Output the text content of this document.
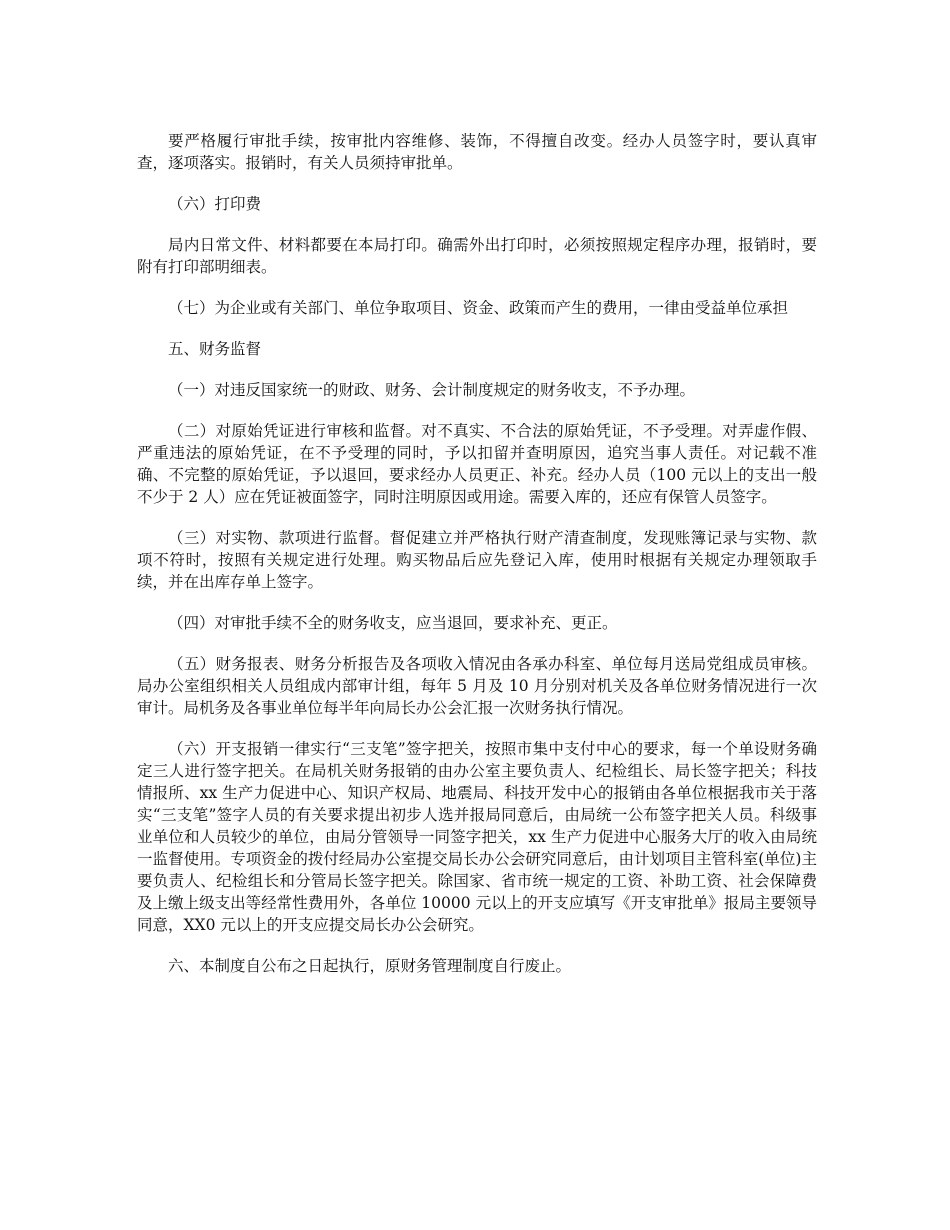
要严格履行审批手续，按审批内容维修、装饰，不得擅自改变。经办人员签字时，要认真审查，逐项落实。报销时，有关人员须持审批单。

（六）打印费

局内日常文件、材料都要在本局打印。确需外出打印时，必须按照规定程序办理，报销时，要附有打印部明细表。

（七）为企业或有关部门、单位争取项目、资金、政策而产生的费用，一律由受益单位承担

五、财务监督

（一）对违反国家统一的财政、财务、会计制度规定的财务收支，不予办理。

（二）对原始凭证进行审核和监督。对不真实、不合法的原始凭证，不予受理。对弄虚作假、严重违法的原始凭证，在不予受理的同时，予以扣留并查明原因，追究当事人责任。对记载不准确、不完整的原始凭证，予以退回，要求经办人员更正、补充。经办人员（100 元以上的支出一般不少于 2 人）应在凭证被面签字，同时注明原因或用途。需要入库的，还应有保管人员签字。

（三）对实物、款项进行监督。督促建立并严格执行财产清查制度，发现账簿记录与实物、款项不符时，按照有关规定进行处理。购买物品后应先登记入库，使用时根据有关规定办理领取手续，并在出库存单上签字。

（四）对审批手续不全的财务收支，应当退回，要求补充、更正。

（五）财务报表、财务分析报告及各项收入情况由各承办科室、单位每月送局党组成员审核。局办公室组织相关人员组成内部审计组，每年 5 月及 10 月分别对机关及各单位财务情况进行一次审计。局机务及各事业单位每半年向局长办公会汇报一次财务执行情况。

（六）开支报销一律实行“三支笔”签字把关，按照市集中支付中心的要求，每一个单设财务确定三人进行签字把关。在局机关财务报销的由办公室主要负责人、纪检组长、局长签字把关；科技情报所、xx 生产力促进中心、知识产权局、地震局、科技开发中心的报销由各单位根据我市关于落实“三支笔”签字人员的有关要求提出初步人选并报局同意后，由局统一公布签字把关人员。科级事业单位和人员较少的单位，由局分管领导一同签字把关，xx 生产力促进中心服务大厅的收入由局统一监督使用。专项资金的拨付经局办公室提交局长办公会研究同意后，由计划项目主管科室(单位)主要负责人、纪检组长和分管局长签字把关。除国家、省市统一规定的工资、补助工资、社会保障费及上缴上级支出等经常性费用外，各单位 10000 元以上的开支应填写《开支审批单》报局主要领导同意，XX0 元以上的开支应提交局长办公会研究。

六、本制度自公布之日起执行，原财务管理制度自行废止。
